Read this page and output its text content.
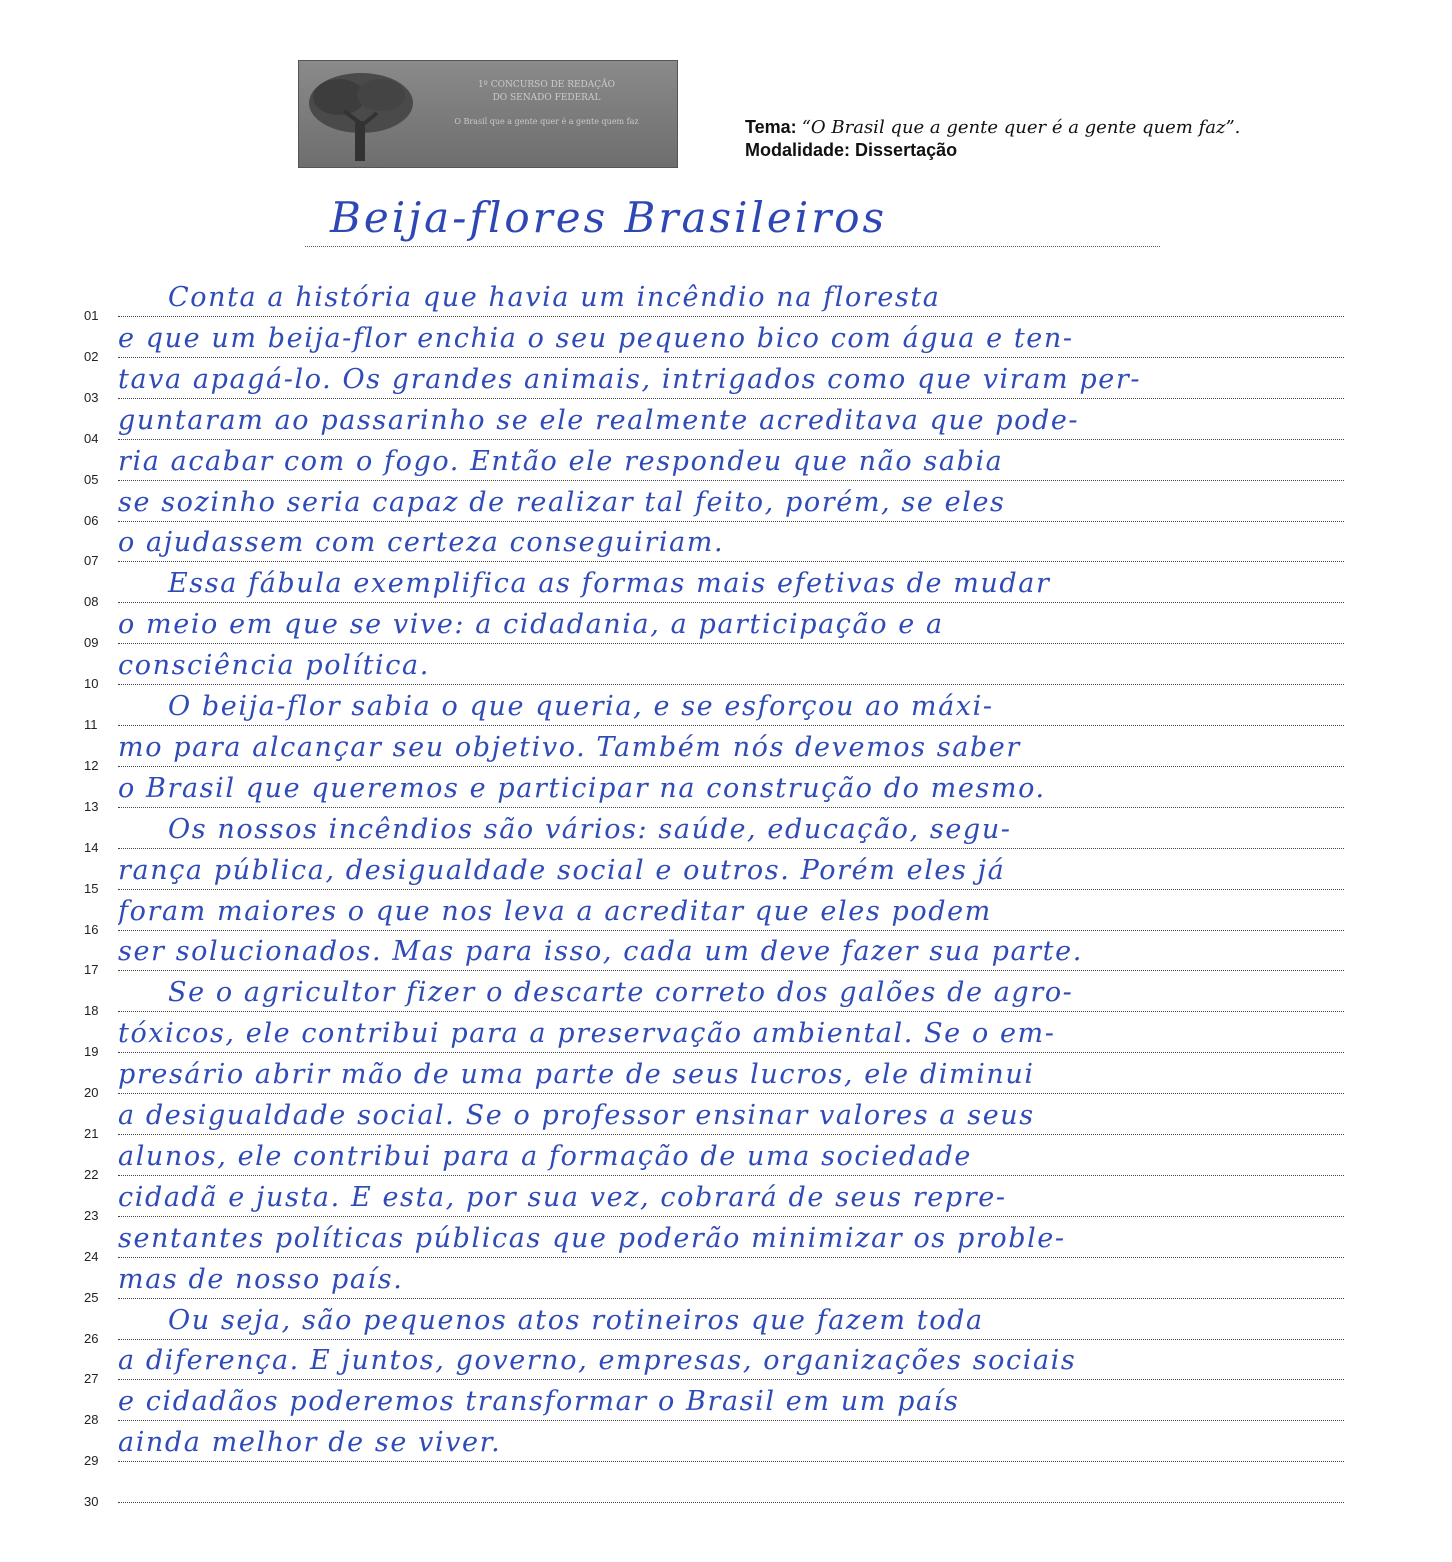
1º CONCURSO DE REDAÇÃO
DO SENADO FEDERAL
O Brasil que a gente quer é a gente quem faz	Tema: “O Brasil que a gente quer é a gente quem faz”.
Modalidade: Dissertação
Beija-flores Brasileiros
01
Conta a história que havia um incêndio na floresta
02
e que um beija-flor enchia o seu pequeno bico com água e ten-
03
tava apagá-lo. Os grandes animais, intrigados como que viram per-
04
guntaram ao passarinho se ele realmente acreditava que pode-
05
ria acabar com o fogo. Então ele respondeu que não sabia
06
se sozinho seria capaz de realizar tal feito, porém, se eles
07
o ajudassem com certeza conseguiriam.
08
Essa fábula exemplifica as formas mais efetivas de mudar
09
o meio em que se vive: a cidadania, a participação e a
10
consciência política.
11
O beija-flor sabia o que queria, e se esforçou ao máxi-
12
mo para alcançar seu objetivo. Também nós devemos saber
13
o Brasil que queremos e participar na construção do mesmo.
14
Os nossos incêndios são vários: saúde, educação, segu-
15
rança pública, desigualdade social e outros. Porém eles já
16
foram maiores o que nos leva a acreditar que eles podem
17
ser solucionados. Mas para isso, cada um deve fazer sua parte.
18
Se o agricultor fizer o descarte correto dos galões de agro-
19
tóxicos, ele contribui para a preservação ambiental. Se o em-
20
presário abrir mão de uma parte de seus lucros, ele diminui
21
a desigualdade social. Se o professor ensinar valores a seus
22
alunos, ele contribui para a formação de uma sociedade
23
cidadã e justa. E esta, por sua vez, cobrará de seus repre-
24
sentantes políticas públicas que poderão minimizar os proble-
25
mas de nosso país.
26
Ou seja, são pequenos atos rotineiros que fazem toda
27
a diferença. E juntos, governo, empresas, organizações sociais
28
e cidadãos poderemos transformar o Brasil em um país
29
ainda melhor de se viver.
30
